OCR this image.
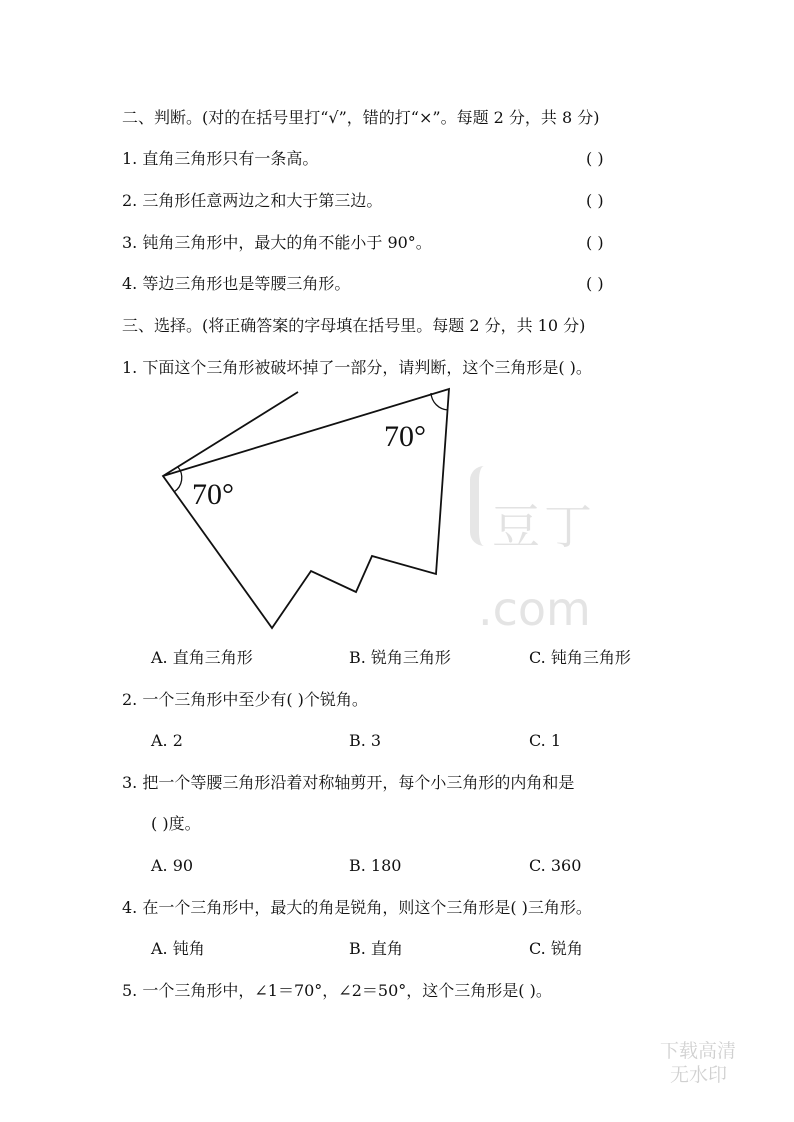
二、判断。(对的在括号里打“√”，错的打“×”。每题 2 分，共 8 分)
1. 直角三角形只有一条高。	( )
2. 三角形任意两边之和大于第三边。	( )
3. 钝角三角形中，最大的角不能小于 90°。	( )
4. 等边三角形也是等腰三角形。	( )
三、选择。(将正确答案的字母填在括号里。每题 2 分，共 10 分)
1. 下面这个三角形被破坏掉了一部分，请判断，这个三角形是( )。
70°
70°
豆丁
.com
A. 直角三角形	B. 锐角三角形	C. 钝角三角形
2. 一个三角形中至少有( )个锐角。
A. 2	B. 3	C. 1
3. 把一个等腰三角形沿着对称轴剪开，每个小三角形的内角和是
( )度。
A. 90	B. 180	C. 360
4. 在一个三角形中，最大的角是锐角，则这个三角形是( )三角形。
A. 钝角	B. 直角	C. 锐角
5. 一个三角形中，∠1＝70°，∠2＝50°，这个三角形是( )。
下载高清
无水印
